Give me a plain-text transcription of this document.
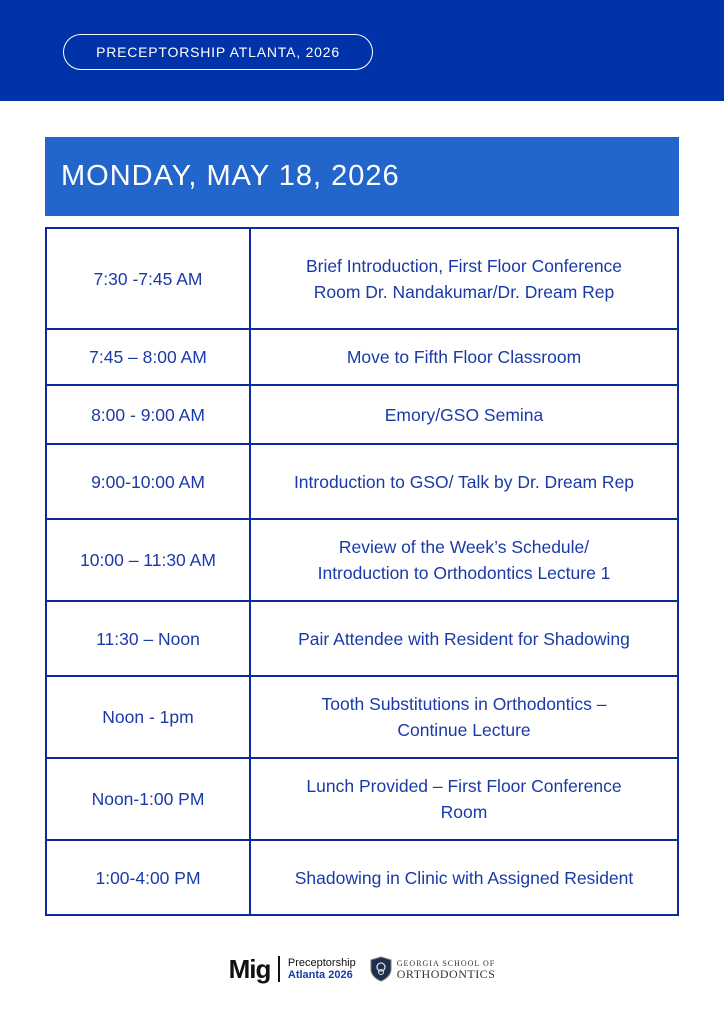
PRECEPTORSHIP ATLANTA, 2026
MONDAY, MAY 18, 2026
7:30 -7:45 AM	Brief Introduction, First Floor Conference
Room Dr. Nandakumar/Dr. Dream Rep

7:45 – 8:00 AM	Move to Fifth Floor Classroom

8:00 - 9:00 AM	Emory/GSO Semina

9:00-10:00 AM	Introduction to GSO/ Talk by Dr. Dream Rep

10:00 – 11:30 AM	Review of the Week’s Schedule/
Introduction to Orthodontics Lecture 1

11:30 – Noon	Pair Attendee with Resident for Shadowing

Noon - 1pm	Tooth Substitutions in Orthodontics –
Continue Lecture

Noon-1:00 PM	Lunch Provided – First Floor Conference
Room

1:00-4:00 PM	Shadowing in Clinic with Assigned Resident
Mig Preceptorship
Atlanta 2026
GEORGIA SCHOOL OF
ORTHODONTICS
